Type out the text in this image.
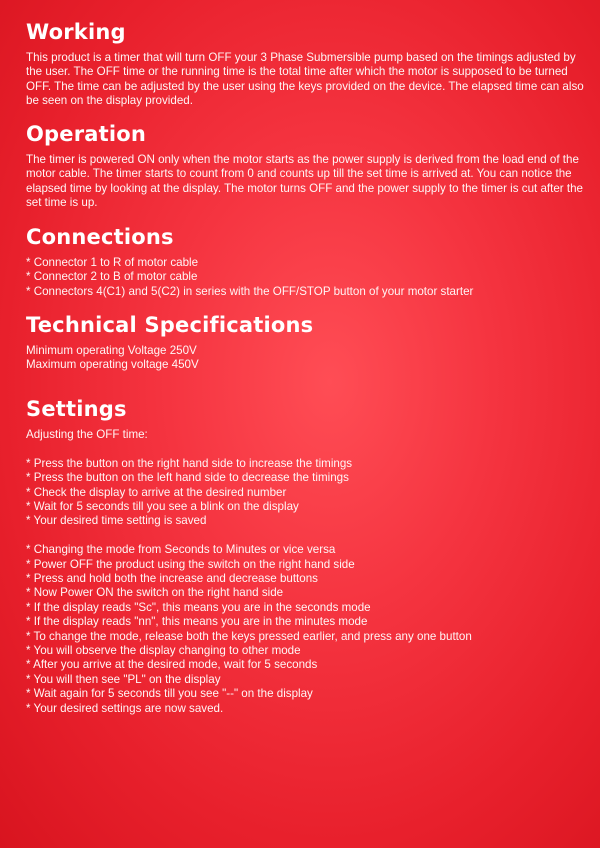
Working

This product is a timer that will turn OFF your 3 Phase Submersible pump based on the timings adjusted by the user. The OFF time or the running time is the total time after which the motor is supposed to be turned OFF. The time can be adjusted by the user using the keys provided on the device. The elapsed time can also be seen on the display provided.

Operation

The timer is powered ON only when the motor starts as the power supply is derived from the load end of the motor cable. The timer starts to count from 0 and counts up till the set time is arrived at. You can notice the elapsed time by looking at the display. The motor turns OFF and the power supply to the timer is cut after the set time is up.

Connections

* Connector 1 to R of motor cable

* Connector 2 to B of motor cable

* Connectors 4(C1) and 5(C2) in series with the OFF/STOP button of your motor starter

Technical Specifications

Minimum operating Voltage 250V

Maximum operating voltage 450V

Settings

Adjusting the OFF time:

* Press the button on the right hand side to increase the timings

* Press the button on the left hand side to decrease the timings

* Check the display to arrive at the desired number

* Wait for 5 seconds till you see a blink on the display

* Your desired time setting is saved

* Changing the mode from Seconds to Minutes or vice versa

* Power OFF the product using the switch on the right hand side

* Press and hold both the increase and decrease buttons

* Now Power ON the switch on the right hand side

* If the display reads "Sc", this means you are in the seconds mode

* If the display reads "nn", this means you are in the minutes mode

* To change the mode, release both the keys pressed earlier, and press any one button

* You will observe the display changing to other mode

* After you arrive at the desired mode, wait for 5 seconds

* You will then see "PL" on the display

* Wait again for 5 seconds till you see "--" on the display

* Your desired settings are now saved.
